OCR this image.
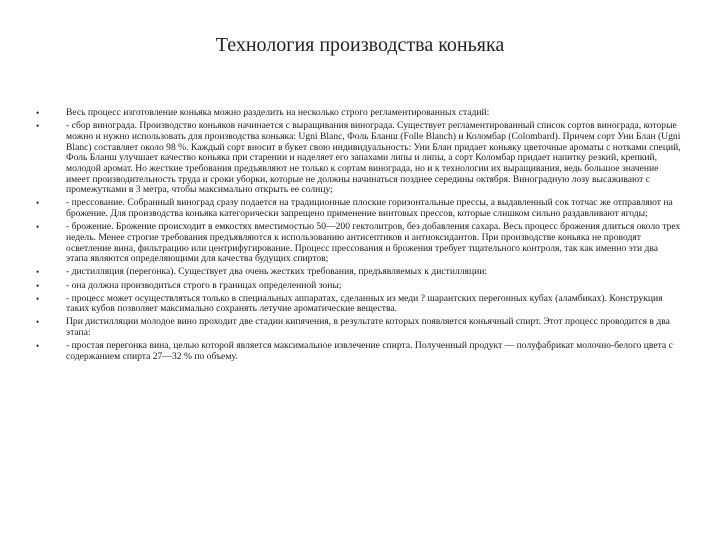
Технология производства коньяка
•	Весь процесс изготовление коньяка можно разделить на несколько строго регламентированных стадий:
•	- сбор винограда. Производство коньяков начинается с выращивания винограда. Существует регламентированный список сортов винограда, которые можно и нужно использовать для производства коньяка: Ugni Blanc, Фоль Бланш (Folle Blanch) и Коломбар (Colombard). Причем сорт Уни Блан (Ugni Blanc) составляет около 98 %. Каждый сорт вносит в букет свою индивидуальность: Уни Блан придает коньяку цветочные ароматы с нотками специй, Фоль Бланш улучшает качество коньяка при старении и наделяет его запахами липы и липы, а сорт Коломбар придает напитку резкий, крепкий, молодой аромат. Но жесткие требования предъявляют не только к сортам винограда, но и к технологии их выращивания, ведь большое значение имеет производительность труда и сроки уборки, которые не должны начинаться позднее середины октября. Виноградную лозу высаживают с промежутками в 3 метра, чтобы максимально открыть ее солнцу;
•	- прессование. Собранный виноград сразу подается на традиционные плоские горизонтальные прессы, а выдавленный сок тотчас же отправляют на брожение. Для производства коньяка категорически запрещено применение винтовых прессов, которые слишком сильно раздавливают ягоды;
•	- брожение. Брожение происходит в емкостях вместимостью 50—200 гектолитров, без добавления сахара. Весь процесс брожения длиться около трех недель. Менее строгие требования предъявляются к использованию антисептиков и антиоксидантов. При производстве коньяка не проводят осветление вина, фильтрацию или центрифугирование. Процесс прессования и брожения требует тщательного контроля, так как именно эти два этапа являются определяющими для качества будущих спиртов;
•	- дистилляция (перегонка). Существует два очень жестких требования, предъявляемых к дистилляции:
•	- она должна производиться строго в границах определенной зоны;
•	- процесс может осуществляться только в специальных аппаратах, сделанных из меди ? шарантских перегонных кубах (аламбиках). Конструкция таких кубов позволяет максимально сохранять летучие ароматические вещества.
•	При дистилляции молодое вино проходит две стадии кипячения, в результате которых появляется коньячный спирт. Этот процесс проводится в два этапа:
•	- простая перегонка вина, целью которой является максимальное извлечение спирта. Полученный продукт — полуфабрикат молочно-белого цвета с содержанием спирта 27—32 % по объему.
